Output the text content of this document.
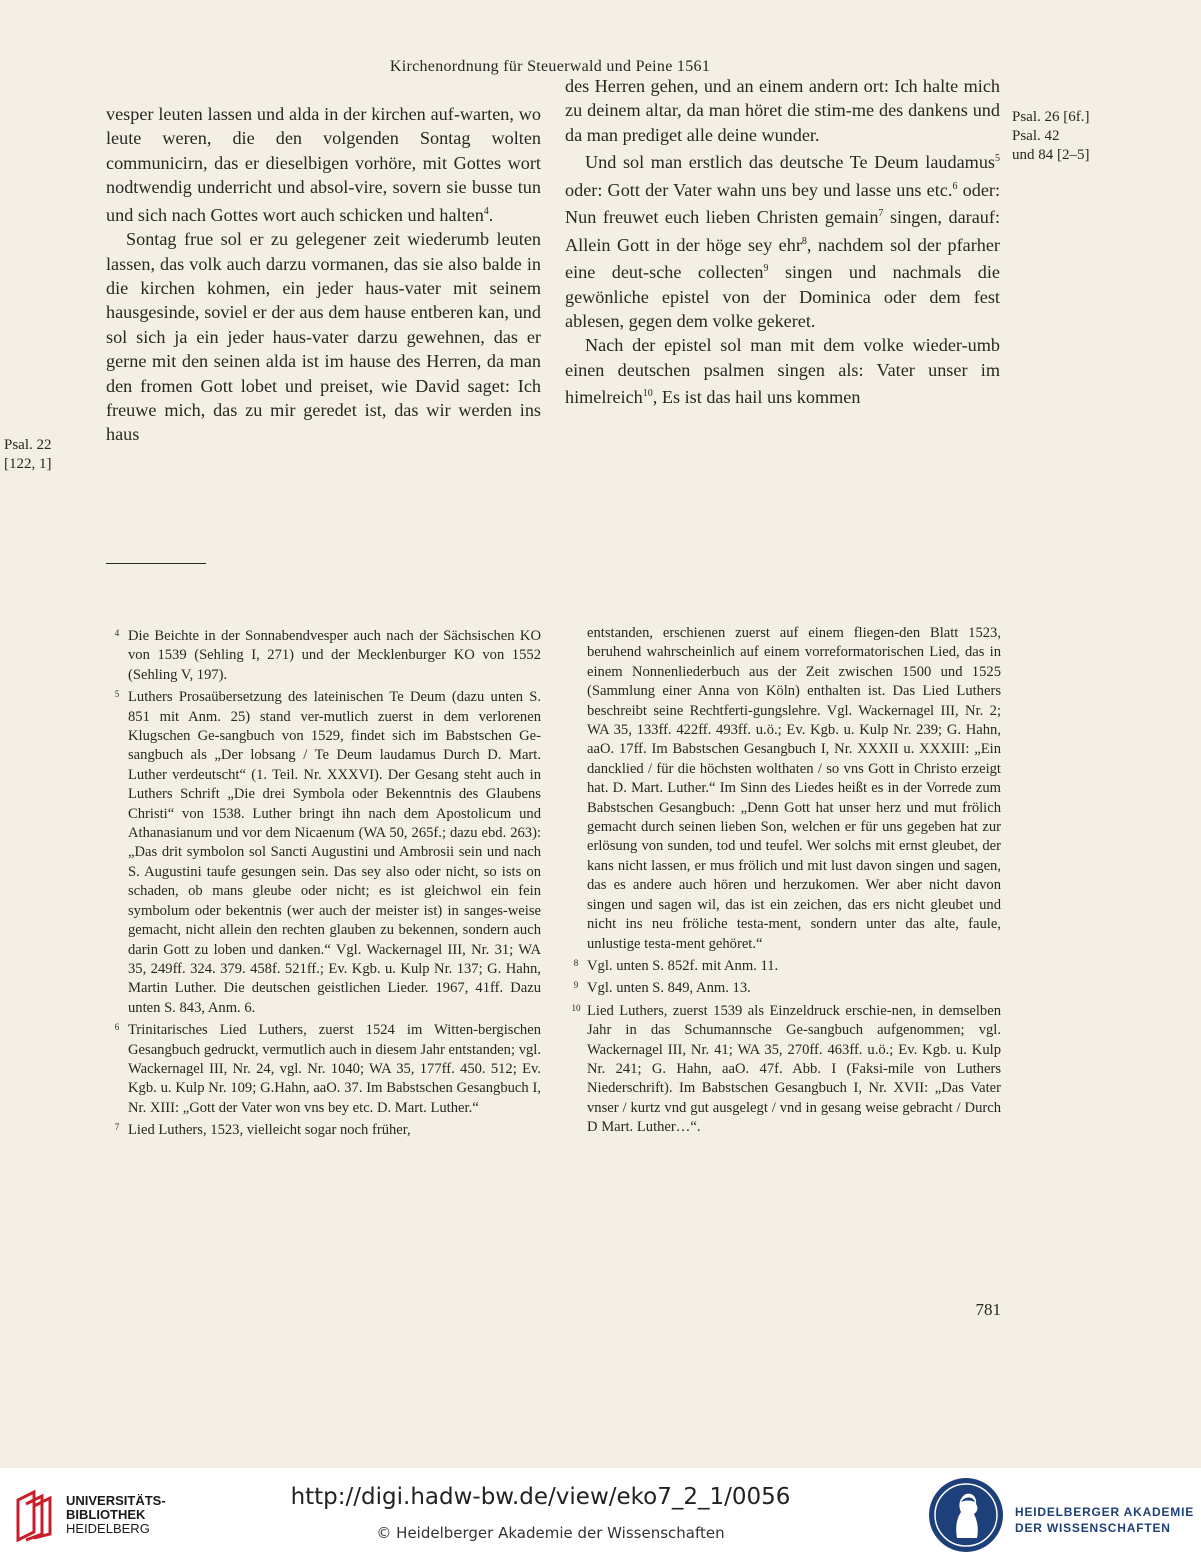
Kirchenordnung für Steuerwald und Peine 1561

vesper leuten lassen und alda in der kirchen auf-warten, wo leute weren, die den volgenden Sontag wolten communicirn, das er dieselbigen vorhöre, mit Gottes wort nodtwendig underricht und absol-vire, sovern sie busse tun und sich nach Gottes wort auch schicken und halten$^4$.

Sontag frue sol er zu gelegener zeit wiederumb leuten lassen, das volk auch darzu vormanen, das sie also balde in die kirchen kohmen, ein jeder haus-vater mit seinem hausgesinde, soviel er der aus dem hause entberen kan, und sol sich ja ein jeder haus-vater darzu gewehnen, das er gerne mit den seinen alda ist im hause des Herren, da man den fromen Gott lobet und preiset, wie David saget: Ich freuwe mich, das zu mir geredet ist, das wir werden ins haus

des Herren gehen, und an einem andern ort: Ich halte mich zu deinem altar, da man höret die stim-me des dankens und da man prediget alle deine wunder.

Und sol man erstlich das deutsche Te Deum laudamus$^5$ oder: Gott der Vater wahn uns bey und lasse uns etc.$^6$ oder: Nun freuwet euch lieben Christen gemain$^7$ singen, darauf: Allein Gott in der höge sey ehr$^8$, nachdem sol der pfarher eine deut-sche collecten$^9$ singen und nachmals die gewönliche epistel von der Dominica oder dem fest ablesen, gegen dem volke gekeret.

Nach der epistel sol man mit dem volke wieder-umb einen deutschen psalmen singen als: Vater unser im himelreich$^{10}$, Es ist das hail uns kommen

Psal. 22
[122, 1]
Psal. 26 [6f.]
Psal. 42
und 84 [2–5]

$^4$ Die Beichte in der Sonnabendvesper auch nach der Sächsischen KO von 1539 (Sehling I, 271) und der Mecklenburger KO von 1552 (Sehling V, 197).

$^5$ Luthers Prosaübersetzung des lateinischen Te Deum (dazu unten S. 851 mit Anm. 25) stand ver-mutlich zuerst in dem verlorenen Klugschen Ge-sangbuch von 1529, findet sich im Babstschen Ge-sangbuch als „Der lobsang / Te Deum laudamus Durch D. Mart. Luther verdeutscht“ (1. Teil. Nr. XXXVI). Der Gesang steht auch in Luthers Schrift „Die drei Symbola oder Bekenntnis des Glaubens Christi“ von 1538. Luther bringt ihn nach dem Apostolicum und Athanasianum und vor dem Nicaenum (WA 50, 265f.; dazu ebd. 263): „Das drit symbolon sol Sancti Augustini und Ambrosii sein und nach S. Augustini taufe gesungen sein. Das sey also oder nicht, so ists on schaden, ob mans gleube oder nicht; es ist gleichwol ein fein symbolum oder bekentnis (wer auch der meister ist) in sanges-weise gemacht, nicht allein den rechten glauben zu bekennen, sondern auch darin Gott zu loben und danken.“ Vgl. Wackernagel III, Nr. 31; WA 35, 249ff. 324. 379. 458f. 521ff.; Ev. Kgb. u. Kulp Nr. 137; G. Hahn, Martin Luther. Die deutschen geistlichen Lieder. 1967, 41ff. Dazu unten S. 843, Anm. 6.

$^6$ Trinitarisches Lied Luthers, zuerst 1524 im Witten-bergischen Gesangbuch gedruckt, vermutlich auch in diesem Jahr entstanden; vgl. Wackernagel III, Nr. 24, vgl. Nr. 1040; WA 35, 177ff. 450. 512; Ev. Kgb. u. Kulp Nr. 109; G.Hahn, aaO. 37. Im Babstschen Gesangbuch I, Nr. XIII: „Gott der Vater won vns bey etc. D. Mart. Luther.“

$^7$ Lied Luthers, 1523, vielleicht sogar noch früher,

entstanden, erschienen zuerst auf einem fliegen-den Blatt 1523, beruhend wahrscheinlich auf einem vorreformatorischen Lied, das in einem Nonnenliederbuch aus der Zeit zwischen 1500 und 1525 (Sammlung einer Anna von Köln) enthalten ist. Das Lied Luthers beschreibt seine Rechtferti-gungslehre. Vgl. Wackernagel III, Nr. 2; WA 35, 133ff. 422ff. 493ff. u.ö.; Ev. Kgb. u. Kulp Nr. 239; G. Hahn, aaO. 17ff. Im Babstschen Gesangbuch I, Nr. XXXII u. XXXIII: „Ein dancklied / für die höchsten wolthaten / so vns Gott in Christo erzeigt hat. D. Mart. Luther.“ Im Sinn des Liedes heißt es in der Vorrede zum Babstschen Gesangbuch: „Denn Gott hat unser herz und mut frölich gemacht durch seinen lieben Son, welchen er für uns gegeben hat zur erlösung von sunden, tod und teufel. Wer solchs mit ernst gleubet, der kans nicht lassen, er mus frölich und mit lust davon singen und sagen, das es andere auch hören und herzukomen. Wer aber nicht davon singen und sagen wil, das ist ein zeichen, das ers nicht gleubet und nicht ins neu fröliche testa-ment, sondern unter das alte, faule, unlustige testa-ment gehöret.“

$^8$ Vgl. unten S. 852f. mit Anm. 11.

$^9$ Vgl. unten S. 849, Anm. 13.

$^{10}$ Lied Luthers, zuerst 1539 als Einzeldruck erschie-nen, in demselben Jahr in das Schumannsche Ge-sangbuch aufgenommen; vgl. Wackernagel III, Nr. 41; WA 35, 270ff. 463ff. u.ö.; Ev. Kgb. u. Kulp Nr. 241; G. Hahn, aaO. 47f. Abb. I (Faksi-mile von Luthers Niederschrift). Im Babstschen Gesangbuch I, Nr. XVII: „Das Vater vnser / kurtz vnd gut ausgelegt / vnd in gesang weise gebracht / Durch D Mart. Luther…“.

781
UNIVERSITÄTS-
BIBLIOTHEK
HEIDELBERG
http://digi.hadw-bw.de/view/eko7_2_1/0056
© Heidelberger Akademie der Wissenschaften
HEIDELBERGER AKADEMIE
DER WISSENSCHAFTEN
